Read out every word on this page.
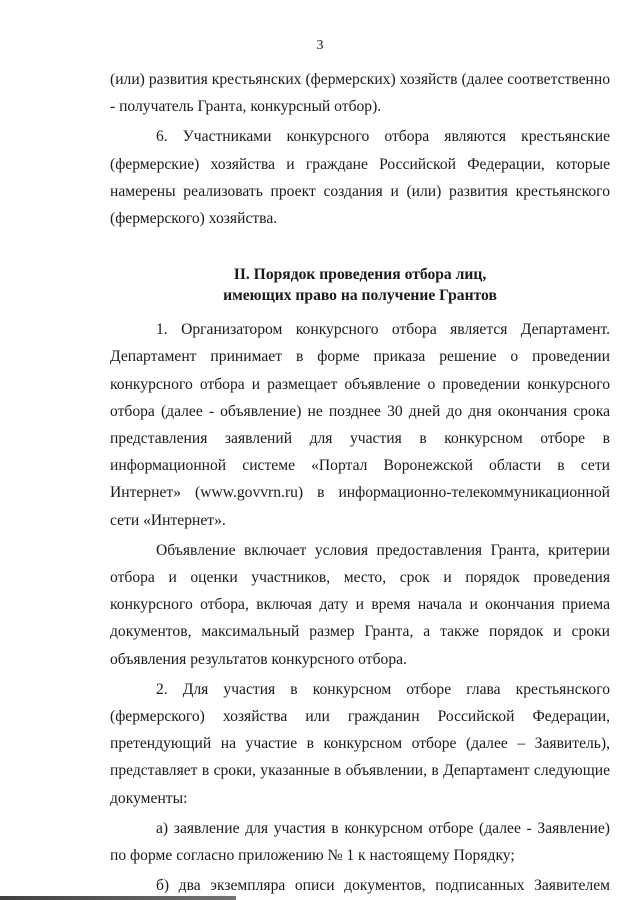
3

(или) развития крестьянских (фермерских) хозяйств (далее соответственно - получатель Гранта, конкурсный отбор).

6. Участниками конкурсного отбора являются крестьянские (фермерские) хозяйства и граждане Российской Федерации, которые намерены реализовать проект создания и (или) развития крестьянского (фермерского) хозяйства.

II. Порядок проведения отбора лиц,
имеющих право на получение Грантов

1. Организатором конкурсного отбора является Департамент. Департамент принимает в форме приказа решение о проведении конкурсного отбора и размещает объявление о проведении конкурсного отбора (далее - объявление) не позднее 30 дней до дня окончания срока представления заявлений для участия в конкурсном отборе в информационной системе «Портал Воронежской области в сети Интернет» (www.govvrn.ru) в информационно-телекоммуникационной сети «Интернет».

Объявление включает условия предоставления Гранта, критерии отбора и оценки участников, место, срок и порядок проведения конкурсного отбора, включая дату и время начала и окончания приема документов, максимальный размер Гранта, а также порядок и сроки объявления результатов конкурсного отбора.

2. Для участия в конкурсном отборе глава крестьянского (фермерского) хозяйства или гражданин Российской Федерации, претендующий на участие в конкурсном отборе (далее – Заявитель), представляет в сроки, указанные в объявлении, в Департамент следующие документы:

а) заявление для участия в конкурсном отборе (далее - Заявление) по форме согласно приложению № 1 к настоящему Порядку;

б) два экземпляра описи документов, подписанных Заявителем
